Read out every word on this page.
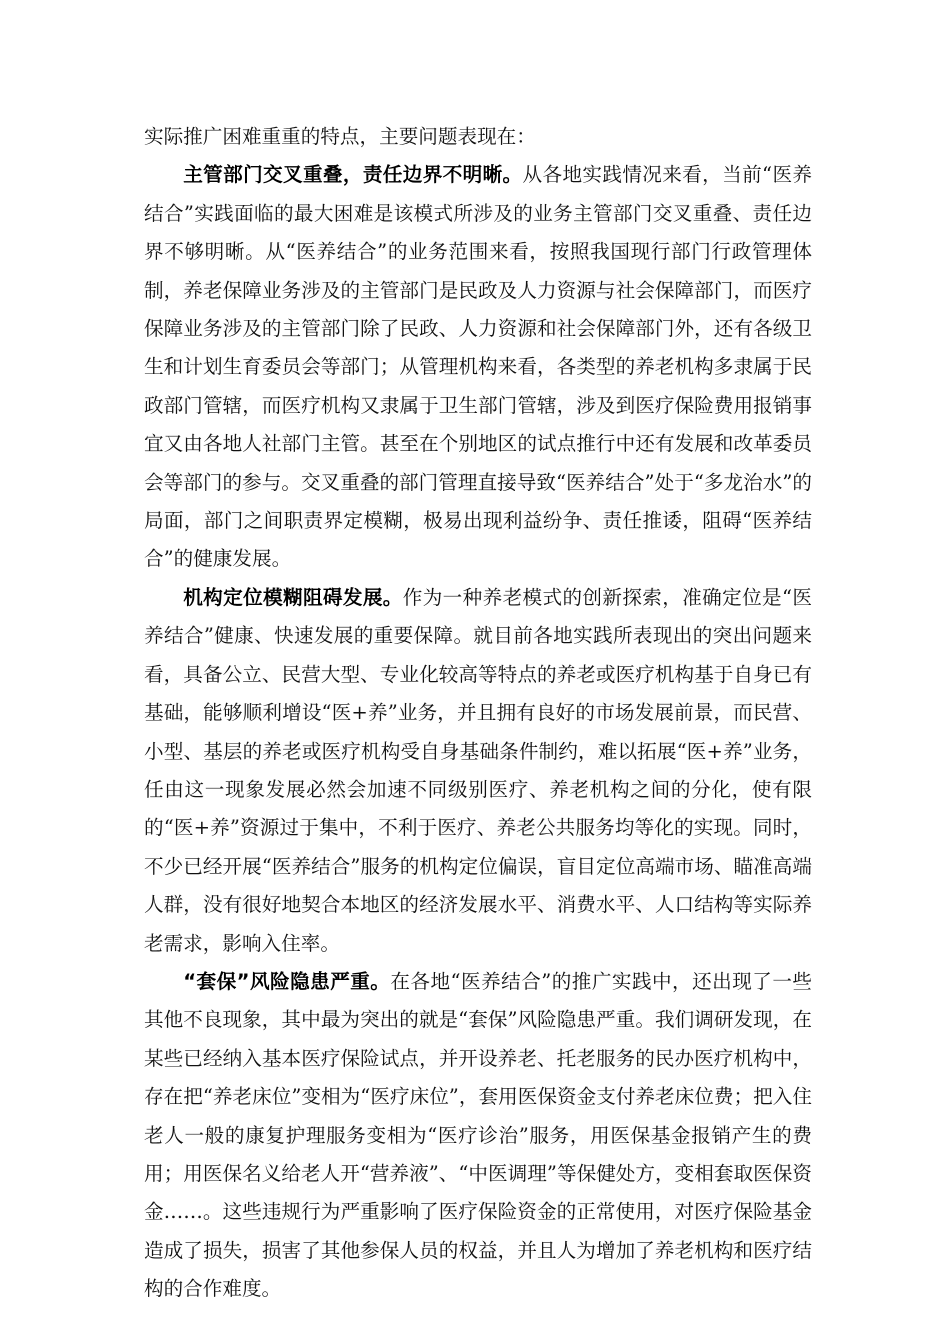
实际推广困难重重的特点，主要问题表现在：

主管部门交叉重叠，责任边界不明晰。从各地实践情况来看，当前“医养结合”实践面临的最大困难是该模式所涉及的业务主管部门交叉重叠、责任边界不够明晰。从“医养结合”的业务范围来看，按照我国现行部门行政管理体制，养老保障业务涉及的主管部门是民政及人力资源与社会保障部门，而医疗保障业务涉及的主管部门除了民政、人力资源和社会保障部门外，还有各级卫生和计划生育委员会等部门；从管理机构来看，各类型的养老机构多隶属于民政部门管辖，而医疗机构又隶属于卫生部门管辖，涉及到医疗保险费用报销事宜又由各地人社部门主管。甚至在个别地区的试点推行中还有发展和改革委员会等部门的参与。交叉重叠的部门管理直接导致“医养结合”处于“多龙治水”的局面，部门之间职责界定模糊，极易出现利益纷争、责任推诿，阻碍“医养结合”的健康发展。

机构定位模糊阻碍发展。作为一种养老模式的创新探索，准确定位是“医养结合”健康、快速发展的重要保障。就目前各地实践所表现出的突出问题来看，具备公立、民营大型、专业化较高等特点的养老或医疗机构基于自身已有基础，能够顺利增设“医+养”业务，并且拥有良好的市场发展前景，而民营、小型、基层的养老或医疗机构受自身基础条件制约，难以拓展“医+养”业务，任由这一现象发展必然会加速不同级别医疗、养老机构之间的分化，使有限的“医+养”资源过于集中，不利于医疗、养老公共服务均等化的实现。同时，不少已经开展“医养结合”服务的机构定位偏误，盲目定位高端市场、瞄准高端人群，没有很好地契合本地区的经济发展水平、消费水平、人口结构等实际养老需求，影响入住率。

“套保”风险隐患严重。在各地“医养结合”的推广实践中，还出现了一些其他不良现象，其中最为突出的就是“套保”风险隐患严重。我们调研发现，在某些已经纳入基本医疗保险试点，并开设养老、托老服务的民办医疗机构中，存在把“养老床位”变相为“医疗床位”，套用医保资金支付养老床位费；把入住老人一般的康复护理服务变相为“医疗诊治”服务，用医保基金报销产生的费用；用医保名义给老人开“营养液”、“中医调理”等保健处方，变相套取医保资金……。这些违规行为严重影响了医疗保险资金的正常使用，对医疗保险基金造成了损失，损害了其他参保人员的权益，并且人为增加了养老机构和医疗结构的合作难度。
